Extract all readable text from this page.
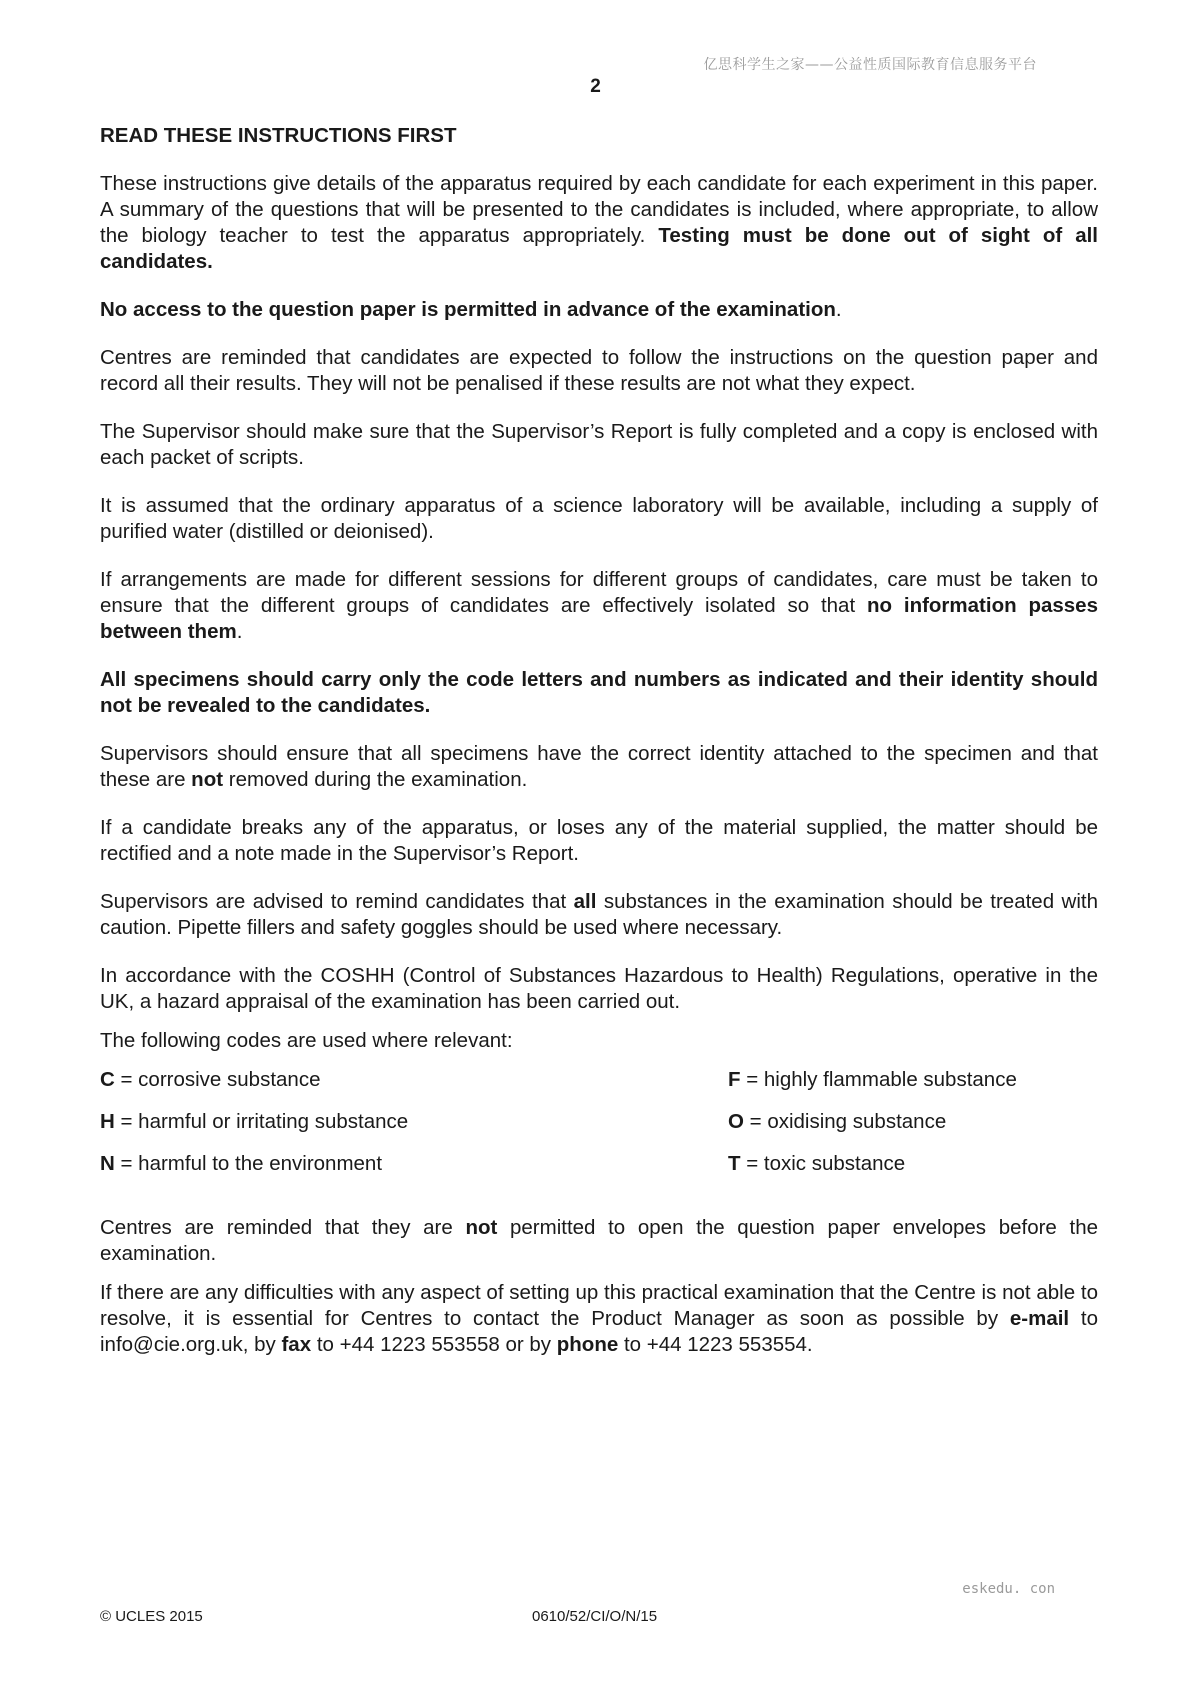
亿思科学生之家——公益性质国际教育信息服务平台
2

READ THESE INSTRUCTIONS FIRST

These instructions give details of the apparatus required by each candidate for each experiment in this paper. A summary of the questions that will be presented to the candidates is included, where appropriate, to allow the biology teacher to test the apparatus appropriately. Testing must be done out of sight of all candidates.

No access to the question paper is permitted in advance of the examination.

Centres are reminded that candidates are expected to follow the instructions on the question paper and record all their results. They will not be penalised if these results are not what they expect.

The Supervisor should make sure that the Supervisor’s Report is fully completed and a copy is enclosed with each packet of scripts.

It is assumed that the ordinary apparatus of a science laboratory will be available, including a supply of purified water (distilled or deionised).

If arrangements are made for different sessions for different groups of candidates, care must be taken to ensure that the different groups of candidates are effectively isolated so that no information passes between them.

All specimens should carry only the code letters and numbers as indicated and their identity should not be revealed to the candidates.

Supervisors should ensure that all specimens have the correct identity attached to the specimen and that these are not removed during the examination.

If a candidate breaks any of the apparatus, or loses any of the material supplied, the matter should be rectified and a note made in the Supervisor’s Report.

Supervisors are advised to remind candidates that all substances in the examination should be treated with caution. Pipette fillers and safety goggles should be used where necessary.

In accordance with the COSHH (Control of Substances Hazardous to Health) Regulations, operative in the UK, a hazard appraisal of the examination has been carried out.

The following codes are used where relevant:

C = corrosive substance	F = highly flammable substance
H = harmful or irritating substance	O = oxidising substance
N = harmful to the environment	T = toxic substance

Centres are reminded that they are not permitted to open the question paper envelopes before the examination.

If there are any difficulties with any aspect of setting up this practical examination that the Centre is not able to resolve, it is essential for Centres to contact the Product Manager as soon as possible by e-mail to info@cie.org.uk, by fax to +44 1223 553558 or by phone to +44 1223 553554.

eskedu. con
© UCLES 2015	0610/52/CI/O/N/15
